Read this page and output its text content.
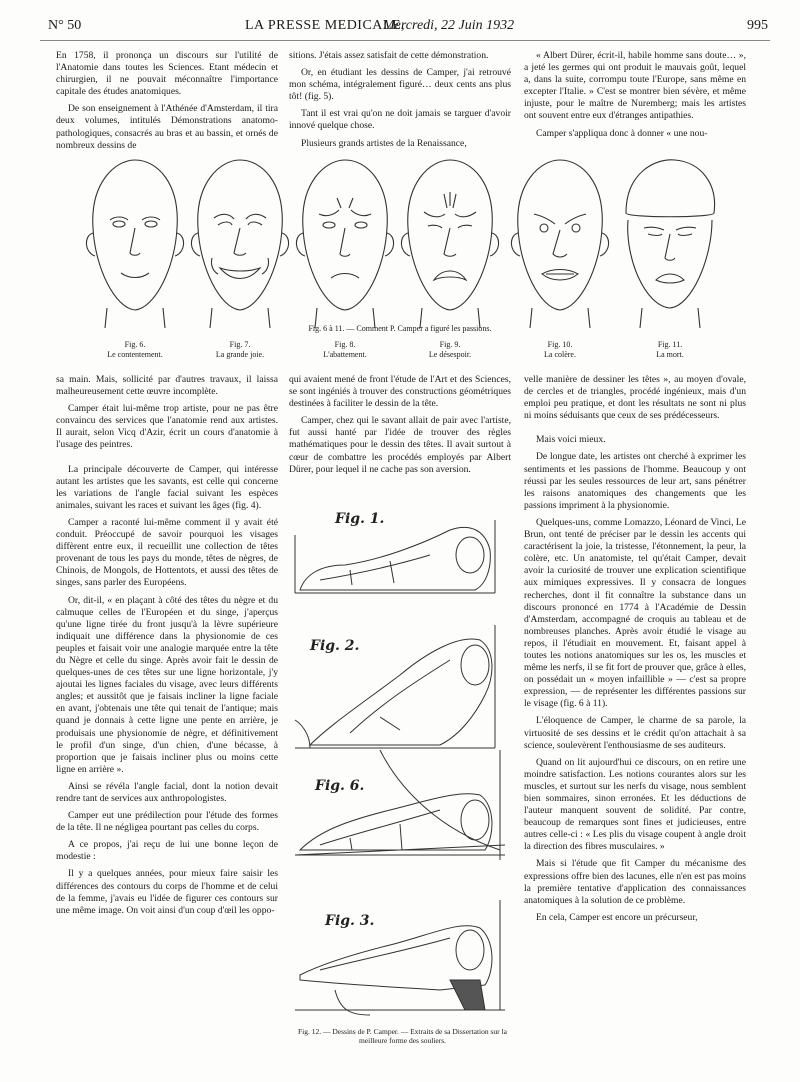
N° 50	LA PRESSE MEDICALE,
Mercredi, 22 Juin 1932	995

En 1758, il prononça un discours sur l'utilité de l'Anatomie dans toutes les Sciences. Etant médecin et chirurgien, il ne pouvait méconnaître l'importance capitale des études anatomiques.

De son enseignement à l'Athénée d'Amsterdam, il tira deux volumes, intitulés Démonstrations anatomo-pathologiques, consacrés au bras et au bassin, et ornés de nombreux dessins de

sitions. J'étais assez satisfait de cette démonstration.

Or, en étudiant les dessins de Camper, j'ai retrouvé mon schéma, intégralement figuré… deux cents ans plus tôt! (fig. 5).

Tant il est vrai qu'on ne doit jamais se targuer d'avoir innové quelque chose.

Plusieurs grands artistes de la Renaissance,

« Albert Dürer, écrit-il, habile homme sans doute… », a jeté les germes qui ont produit le mauvais goût, lequel a, dans la suite, corrompu toute l'Europe, sans même en excepter l'Italie. » C'est se montrer bien sévère, et même injuste, pour le maître de Nuremberg; mais les artistes ont souvent entre eux d'étranges antipathies.

Camper s'appliqua donc à donner « une nou-

Fig. 6 à 11. — Comment P. Camper a figuré les passions.
Fig. 6.
Le contentement.
Fig. 7.
La grande joie.
Fig. 8.
L'abattement.
Fig. 9.
Le désespoir.
Fig. 10.
La colère.
Fig. 11.
La mort.

sa main. Mais, sollicité par d'autres travaux, il laissa malheureusement cette œuvre incomplète.

Camper était lui-même trop artiste, pour ne pas être convaincu des services que l'anatomie rend aux artistes. Il aurait, selon Vicq d'Azir, écrit un cours d'anatomie à l'usage des peintres.

La principale découverte de Camper, qui intéresse autant les artistes que les savants, est celle qui concerne les variations de l'angle facial suivant les espèces animales, suivant les races et suivant les âges (fig. 4).

Camper a raconté lui-même comment il y avait été conduit. Préoccupé de savoir pourquoi les visages diffèrent entre eux, il recueillit une collection de têtes provenant de tous les pays du monde, têtes de nègres, de Chinois, de Mongols, de Hottentots, et aussi des têtes de singes, sans parler des Européens.

Or, dit-il, « en plaçant à côté des têtes du nègre et du calmuque celles de l'Européen et du singe, j'aperçus qu'une ligne tirée du front jusqu'à la lèvre supérieure indiquait une différence dans la physionomie de ces peuples et faisait voir une analogie marquée entre la tête du Nègre et celle du singe. Après avoir fait le dessin de quelques-unes de ces têtes sur une ligne horizontale, j'y ajoutai les lignes faciales du visage, avec leurs différents angles; et aussitôt que je faisais incliner la ligne faciale en avant, j'obtenais une tête qui tenait de l'antique; mais quand je donnais à cette ligne une pente en arrière, je produisais une physionomie de nègre, et définitivement le profil d'un singe, d'un chien, d'une bécasse, à proportion que je faisais incliner plus ou moins cette ligne en arrière ».

Ainsi se révéla l'angle facial, dont la notion devait rendre tant de services aux anthropologistes.

Camper eut une prédilection pour l'étude des formes de la tête. Il ne négligea pourtant pas celles du corps.

A ce propos, j'ai reçu de lui une bonne leçon de modestie :

Il y a quelques années, pour mieux faire saisir les différences des contours du corps de l'homme et de celui de la femme, j'avais eu l'idée de figurer ces contours sur une même image. On voit ainsi d'un coup d'œil les oppo-

qui avaient mené de front l'étude de l'Art et des Sciences, se sont ingéniés à trouver des constructions géométriques destinées à faciliter le dessin de la tête.

Camper, chez qui le savant allait de pair avec l'artiste, fut aussi hanté par l'idée de trouver des règles mathématiques pour le dessin des têtes. Il avait surtout à cœur de combattre les procédés employés par Albert Dürer, pour lequel il ne cache pas son aversion.

velle manière de dessiner les têtes », au moyen d'ovale, de cercles et de triangles, procédé ingénieux, mais d'un emploi peu pratique, et dont les résultats ne sont ni plus ni moins séduisants que ceux de ses prédécesseurs.

Mais voici mieux.

De longue date, les artistes ont cherché à exprimer les sentiments et les passions de l'homme. Beaucoup y ont réussi par les seules ressources de leur art, sans pénétrer les raisons anatomiques des changements que les passions impriment à la physionomie.

Quelques-uns, comme Lomazzo, Léonard de Vinci, Le Brun, ont tenté de préciser par le dessin les accents qui caractérisent la joie, la tristesse, l'étonnement, la peur, la colère, etc. Un anatomiste, tel qu'était Camper, devait avoir la curiosité de trouver une explication scientifique aux mimiques expressives. Il y consacra de longues recherches, dont il fit connaître la substance dans un discours prononcé en 1774 à l'Académie de Dessin d'Amsterdam, accompagné de croquis au tableau et de nombreuses planches. Après avoir étudié le visage au repos, il l'étudiait en mouvement. Et, faisant appel à toutes les notions anatomiques sur les os, les muscles et même les nerfs, il se fit fort de prouver que, grâce à elles, on possédait un « moyen infaillible » — c'est sa propre expression, — de représenter les différentes passions sur le visage (fig. 6 à 11).

L'éloquence de Camper, le charme de sa parole, la virtuosité de ses dessins et le crédit qu'on attachait à sa science, soulevèrent l'enthousiasme de ses auditeurs.

Quand on lit aujourd'hui ce discours, on en retire une moindre satisfaction. Les notions courantes alors sur les muscles, et surtout sur les nerfs du visage, nous semblent bien sommaires, sinon erronées. Et les déductions de l'auteur manquent souvent de solidité. Par contre, beaucoup de remarques sont fines et judicieuses, entre autres celle-ci : « Les plis du visage coupent à angle droit la direction des fibres musculaires. »

Mais si l'étude que fit Camper du mécanisme des expressions offre bien des lacunes, elle n'en est pas moins la première tentative d'application des connaissances anatomiques à la solution de ce problème.

En cela, Camper est encore un précurseur,

Fig. 1.
Fig. 2.
Fig. 6.
Fig. 3.
Fig. 12. — Dessins de P. Camper. — Extraits de sa Dissertation sur la meilleure forme des souliers.
